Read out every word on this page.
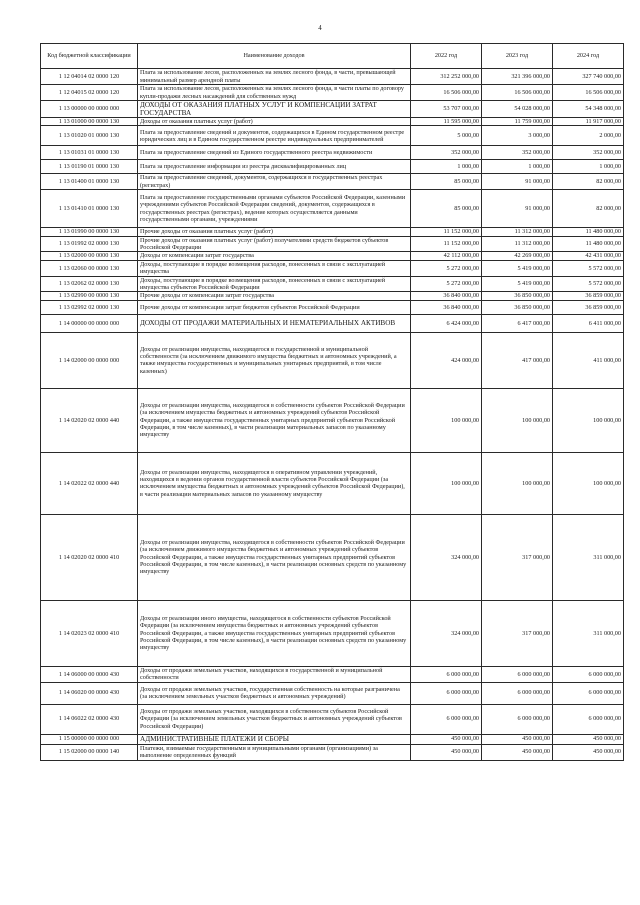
4
Код бюджетной классификации	Наименование доходов	2022 год	2023 год	2024 год
1 12 04014 02 0000 120	Плата за использование лесов, расположенных на землях лесного фонда, в части, превышающей минимальный размер арендной платы	312 252 000,00	321 396 000,00	327 740 000,00
1 12 04015 02 0000 120	Плата за использование лесов, расположенных на землях лесного фонда, в части платы по договору купли-продажи лесных насаждений для собственных нужд	16 506 000,00	16 506 000,00	16 506 000,00
1 13 00000 00 0000 000	ДОХОДЫ ОТ ОКАЗАНИЯ ПЛАТНЫХ УСЛУГ И КОМПЕНСАЦИИ ЗАТРАТ ГОСУДАРСТВА	53 707 000,00	54 028 000,00	54 348 000,00
1 13 01000 00 0000 130	Доходы от оказания платных услуг (работ)	11 595 000,00	11 759 000,00	11 917 000,00
1 13 01020 01 0000 130	Плата за предоставление сведений и документов, содержащихся в Едином государственном реестре юридических лиц и в Едином государственном реестре индивидуальных предпринимателей	5 000,00	3 000,00	2 000,00
1 13 01031 01 0000 130	Плата за предоставление сведений из Единого государственного реестра недвижимости	352 000,00	352 000,00	352 000,00
1 13 01190 01 0000 130	Плата за предоставление информации из реестра дисквалифицированных лиц	1 000,00	1 000,00	1 000,00
1 13 01400 01 0000 130	Плата за предоставление сведений, документов, содержащихся в государственных реестрах (регистрах)	85 000,00	91 000,00	82 000,00
1 13 01410 01 0000 130	Плата за предоставление государственными органами субъектов Российской Федерации, казенными учреждениями субъектов Российской Федерации сведений, документов, содержащихся в государственных реестрах (регистрах), ведение которых осуществляется данными государственными органами, учреждениями	85 000,00	91 000,00	82 000,00
1 13 01990 00 0000 130	Прочие доходы от оказания платных услуг (работ)	11 152 000,00	11 312 000,00	11 480 000,00
1 13 01992 02 0000 130	Прочие доходы от оказания платных услуг (работ) получателями средств бюджетов субъектов Российской Федерации	11 152 000,00	11 312 000,00	11 480 000,00
1 13 02000 00 0000 130	Доходы от компенсации затрат государства	42 112 000,00	42 269 000,00	42 431 000,00
1 13 02060 00 0000 130	Доходы, поступающие в порядке возмещения расходов, понесенных в связи с эксплуатацией имущества	5 272 000,00	5 419 000,00	5 572 000,00
1 13 02062 02 0000 130	Доходы, поступающие в порядке возмещения расходов, понесенных в связи с эксплуатацией имущества субъектов Российской Федерации	5 272 000,00	5 419 000,00	5 572 000,00
1 13 02990 00 0000 130	Прочие доходы от компенсации затрат государства	36 840 000,00	36 850 000,00	36 859 000,00
1 13 02992 02 0000 130	Прочие доходы от компенсации затрат бюджетов субъектов Российской Федерации	36 840 000,00	36 850 000,00	36 859 000,00
1 14 00000 00 0000 000	ДОХОДЫ ОТ ПРОДАЖИ МАТЕРИАЛЬНЫХ И НЕМАТЕРИАЛЬНЫХ АКТИВОВ	6 424 000,00	6 417 000,00	6 411 000,00
1 14 02000 00 0000 000	Доходы от реализации имущества, находящегося в государственной и муниципальной собственности (за исключением движимого имущества бюджетных и автономных учреждений, а также имущества государственных и муниципальных унитарных предприятий, в том числе казенных)	424 000,00	417 000,00	411 000,00
1 14 02020 02 0000 440	Доходы от реализации имущества, находящегося в собственности субъектов Российской Федерации (за исключением имущества бюджетных и автономных учреждений субъектов Российской Федерации, а также имущества государственных унитарных предприятий субъектов Российской Федерации, в том числе казенных), в части реализации материальных запасов по указанному имуществу	100 000,00	100 000,00	100 000,00
1 14 02022 02 0000 440	Доходы от реализации имущества, находящегося в оперативном управлении учреждений, находящихся в ведении органов государственной власти субъектов Российской Федерации (за исключением имущества бюджетных и автономных учреждений субъектов Российской Федерации), в части реализации материальных запасов по указанному имуществу	100 000,00	100 000,00	100 000,00
1 14 02020 02 0000 410	Доходы от реализации имущества, находящегося в собственности субъектов Российской Федерации (за исключением движимого имущества бюджетных и автономных учреждений субъектов Российской Федерации, а также имущества государственных унитарных предприятий субъектов Российской Федерации, в том числе казенных), в части реализации основных средств по указанному имуществу	324 000,00	317 000,00	311 000,00
1 14 02023 02 0000 410	Доходы от реализации иного имущества, находящегося в собственности субъектов Российской Федерации (за исключением имущества бюджетных и автономных учреждений субъектов Российской Федерации, а также имущества государственных унитарных предприятий субъектов Российской Федерации, в том числе казенных), в части реализации основных средств по указанному имуществу	324 000,00	317 000,00	311 000,00
1 14 06000 00 0000 430	Доходы от продажи земельных участков, находящихся в государственной и муниципальной собственности	6 000 000,00	6 000 000,00	6 000 000,00
1 14 06020 00 0000 430	Доходы от продажи земельных участков, государственная собственность на которые разграничена (за исключением земельных участков бюджетных и автономных учреждений)	6 000 000,00	6 000 000,00	6 000 000,00
1 14 06022 02 0000 430	Доходы от продажи земельных участков, находящихся в собственности субъектов Российской Федерации (за исключением земельных участков бюджетных и автономных учреждений субъектов Российской Федерации)	6 000 000,00	6 000 000,00	6 000 000,00
1 15 00000 00 0000 000	АДМИНИСТРАТИВНЫЕ ПЛАТЕЖИ И СБОРЫ	450 000,00	450 000,00	450 000,00
1 15 02000 00 0000 140	Платежи, взимаемые государственными и муниципальными органами (организациями) за выполнение определенных функций	450 000,00	450 000,00	450 000,00
